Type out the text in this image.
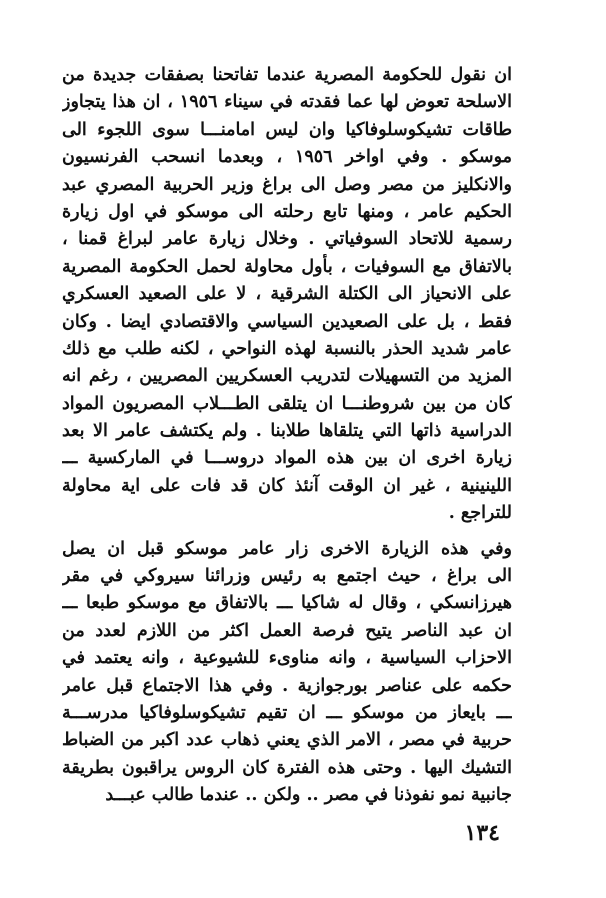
ان نقول للحكومة المصرية عندما تفاتحنا بصفقات جديدة من
الاسلحة تعوض لها عما فقدته في سيناء ١٩٥٦ ، ان هذا يتجاوز
طاقات تشيكوسلوفاكيا وان ليس امامنـــا سوى اللجوء الى
موسكو . وفي اواخر ١٩٥٦ ، وبعدما انسحب الفرنسيون
والانكليز من مصر وصل الى براغ وزير الحربية المصري عبد
الحكيم عامر ، ومنها تابع رحلته الى موسكو في اول زيارة
رسمية للاتحاد السوفياتي . وخلال زيارة عامر لبراغ قمنا ،
بالاتفاق مع السوفيات ، بأول محاولة لحمل الحكومة المصرية
على الانحياز الى الكتلة الشرقية ، لا على الصعيد العسكري
فقط ، بل على الصعيدين السياسي والاقتصادي ايضا . وكان
عامر شديد الحذر بالنسبة لهذه النواحي ، لكنه طلب مع ذلك
المزيد من التسهيلات لتدريب العسكريين المصريين ، رغم انه
كان من بين شروطنـــا ان يتلقى الطـــلاب المصريون المواد
الدراسية ذاتها التي يتلقاها طلابنا . ولم يكتشف عامر الا بعد
زيارة اخرى ان بين هذه المواد دروســـا في الماركسية ـــ
اللينينية ، غير ان الوقت آنئذ كان قد فات على اية محاولة
للتراجع .
وفي هذه الزيارة الاخرى زار عامر موسكو قبل ان يصل
الى براغ ، حيث اجتمع به رئيس وزرائنا سيروكي في مقر
هيرزانسكي ، وقال له شاكيا ـــ بالاتفاق مع موسكو طبعا ـــ
ان عبد الناصر يتيح فرصة العمل اكثر من اللازم لعدد من
الاحزاب السياسية ، وانه مناوىء للشيوعية ، وانه يعتمد في
حكمه على عناصر بورجوازية . وفي هذا الاجتماع قبل عامر
ـــ بايعاز من موسكو ـــ ان تقيم تشيكوسلوفاكيا مدرســـة
حربية في مصر ، الامر الذي يعني ذهاب عدد اكبر من الضباط
التشيك اليها . وحتى هذه الفترة كان الروس يراقبون بطريقة
جانبية نمو نفوذنا في مصر .. ولكن .. عندما طالب عبـــد
١٣٤
